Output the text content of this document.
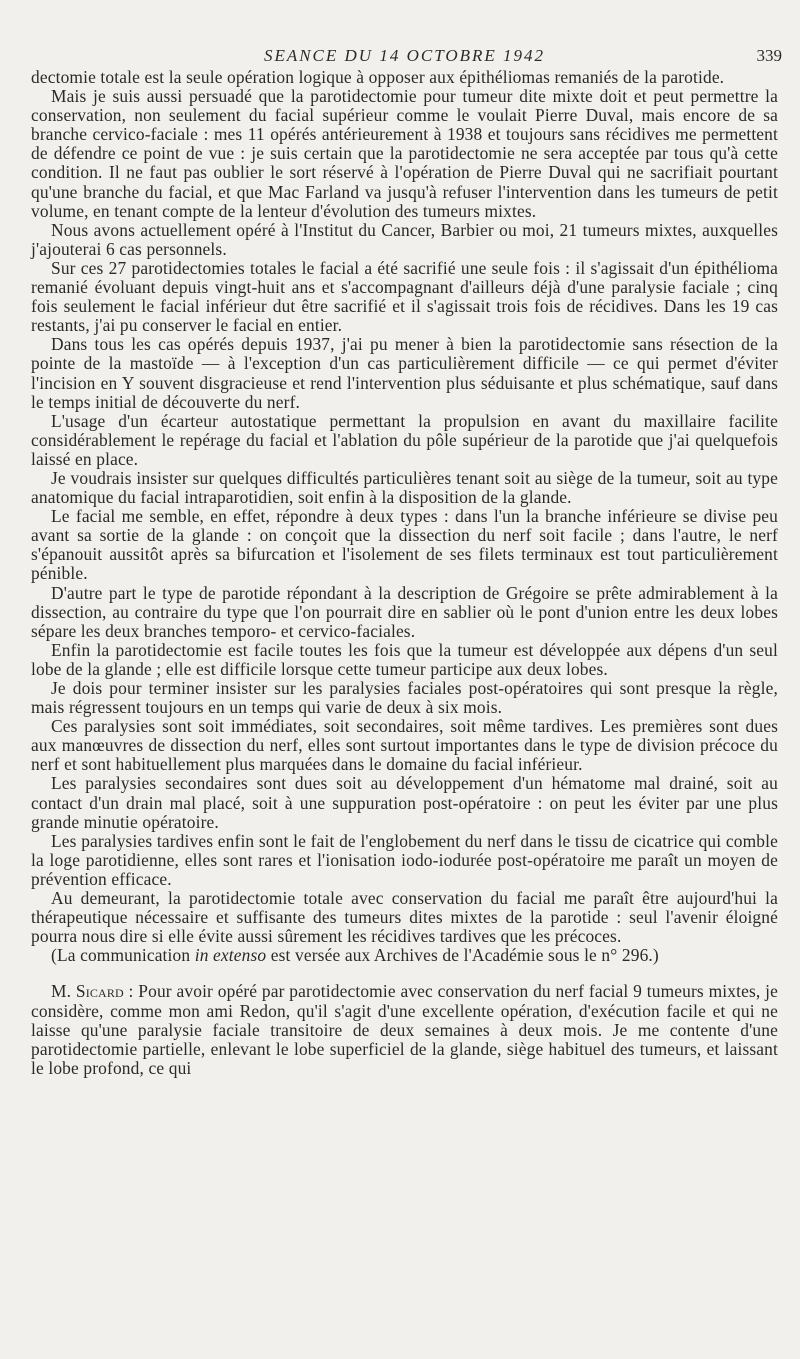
SEANCE DU 14 OCTOBRE 1942	339

dectomie totale est la seule opération logique à opposer aux épithéliomas remaniés de la parotide.

Mais je suis aussi persuadé que la parotidectomie pour tumeur dite mixte doit et peut permettre la conservation, non seulement du facial supérieur comme le voulait Pierre Duval, mais encore de sa branche cervico-faciale : mes 11 opérés antérieurement à 1938 et toujours sans récidives me permettent de défendre ce point de vue : je suis certain que la parotidectomie ne sera acceptée par tous qu'à cette condition. Il ne faut pas oublier le sort réservé à l'opération de Pierre Duval qui ne sacrifiait pourtant qu'une branche du facial, et que Mac Farland va jusqu'à refuser l'intervention dans les tumeurs de petit volume, en tenant compte de la lenteur d'évolution des tumeurs mixtes.

Nous avons actuellement opéré à l'Institut du Cancer, Barbier ou moi, 21 tumeurs mixtes, auxquelles j'ajouterai 6 cas personnels.

Sur ces 27 parotidectomies totales le facial a été sacrifié une seule fois : il s'agissait d'un épithélioma remanié évoluant depuis vingt-huit ans et s'accompagnant d'ailleurs déjà d'une paralysie faciale ; cinq fois seulement le facial inférieur dut être sacrifié et il s'agissait trois fois de récidives. Dans les 19 cas restants, j'ai pu conserver le facial en entier.

Dans tous les cas opérés depuis 1937, j'ai pu mener à bien la parotidectomie sans résection de la pointe de la mastoïde — à l'exception d'un cas particulièrement difficile — ce qui permet d'éviter l'incision en Y souvent disgracieuse et rend l'intervention plus séduisante et plus schématique, sauf dans le temps initial de découverte du nerf.

L'usage d'un écarteur autostatique permettant la propulsion en avant du maxillaire facilite considérablement le repérage du facial et l'ablation du pôle supérieur de la parotide que j'ai quelquefois laissé en place.

Je voudrais insister sur quelques difficultés particulières tenant soit au siège de la tumeur, soit au type anatomique du facial intraparotidien, soit enfin à la disposition de la glande.

Le facial me semble, en effet, répondre à deux types : dans l'un la branche inférieure se divise peu avant sa sortie de la glande : on conçoit que la dissection du nerf soit facile ; dans l'autre, le nerf s'épanouit aussitôt après sa bifurcation et l'isolement de ses filets terminaux est tout particulièrement pénible.

D'autre part le type de parotide répondant à la description de Grégoire se prête admirablement à la dissection, au contraire du type que l'on pourrait dire en sablier où le pont d'union entre les deux lobes sépare les deux branches temporo- et cervico-faciales.

Enfin la parotidectomie est facile toutes les fois que la tumeur est développée aux dépens d'un seul lobe de la glande ; elle est difficile lorsque cette tumeur participe aux deux lobes.

Je dois pour terminer insister sur les paralysies faciales post-opératoires qui sont presque la règle, mais régressent toujours en un temps qui varie de deux à six mois.

Ces paralysies sont soit immédiates, soit secondaires, soit même tardives. Les premières sont dues aux manœuvres de dissection du nerf, elles sont surtout importantes dans le type de division précoce du nerf et sont habituellement plus marquées dans le domaine du facial inférieur.

Les paralysies secondaires sont dues soit au développement d'un hématome mal drainé, soit au contact d'un drain mal placé, soit à une suppuration post-opératoire : on peut les éviter par une plus grande minutie opératoire.

Les paralysies tardives enfin sont le fait de l'englobement du nerf dans le tissu de cicatrice qui comble la loge parotidienne, elles sont rares et l'ionisation iodo-iodurée post-opératoire me paraît un moyen de prévention efficace.

Au demeurant, la parotidectomie totale avec conservation du facial me paraît être aujourd'hui la thérapeutique nécessaire et suffisante des tumeurs dites mixtes de la parotide : seul l'avenir éloigné pourra nous dire si elle évite aussi sûrement les récidives tardives que les précoces.

(La communication in extenso est versée aux Archives de l'Académie sous le n° 296.)

M. Sicard : Pour avoir opéré par parotidectomie avec conservation du nerf facial 9 tumeurs mixtes, je considère, comme mon ami Redon, qu'il s'agit d'une excellente opération, d'exécution facile et qui ne laisse qu'une paralysie faciale transitoire de deux semaines à deux mois. Je me contente d'une parotidectomie partielle, enlevant le lobe superficiel de la glande, siège habituel des tumeurs, et laissant le lobe profond, ce qui
